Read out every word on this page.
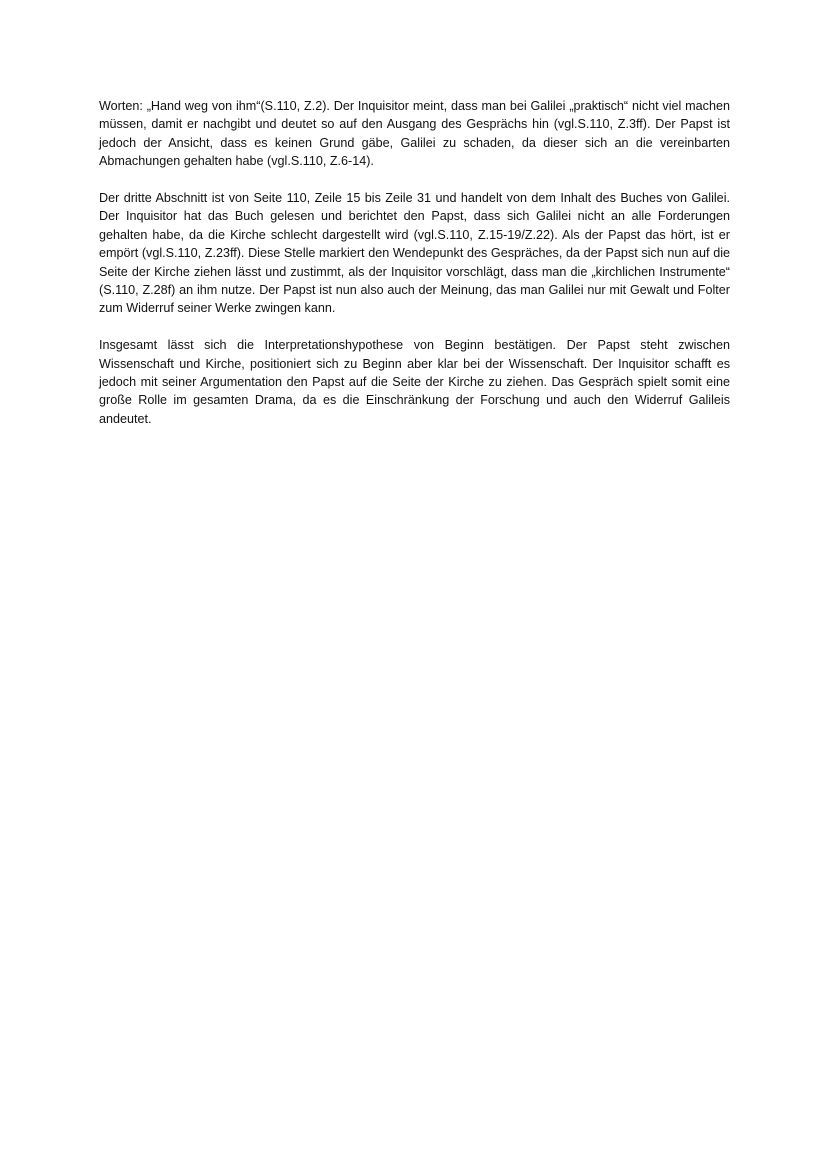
Worten: „Hand weg von ihm“(S.110, Z.2). Der Inquisitor meint, dass man bei Galilei „praktisch“ nicht viel machen müssen, damit er nachgibt und deutet so auf den Ausgang des Gesprächs hin (vgl.S.110, Z.3ff). Der Papst ist jedoch der Ansicht, dass es keinen Grund gäbe, Galilei zu schaden, da dieser sich an die vereinbarten Abmachungen gehalten habe (vgl.S.110, Z.6-14).

Der dritte Abschnitt ist von Seite 110, Zeile 15 bis Zeile 31 und handelt von dem Inhalt des Buches von Galilei. Der Inquisitor hat das Buch gelesen und berichtet den Papst, dass sich Galilei nicht an alle Forderungen gehalten habe, da die Kirche schlecht dargestellt wird (vgl.S.110, Z.15-19/Z.22). Als der Papst das hört, ist er empört (vgl.S.110, Z.23ff). Diese Stelle markiert den Wendepunkt des Gespräches, da der Papst sich nun auf die Seite der Kirche ziehen lässt und zustimmt, als der Inquisitor vorschlägt, dass man die „kirchlichen Instrumente“ (S.110, Z.28f) an ihm nutze. Der Papst ist nun also auch der Meinung, das man Galilei nur mit Gewalt und Folter zum Widerruf seiner Werke zwingen kann.

Insgesamt lässt sich die Interpretationshypothese von Beginn bestätigen. Der Papst steht zwischen Wissenschaft und Kirche, positioniert sich zu Beginn aber klar bei der Wissenschaft. Der Inquisitor schafft es jedoch mit seiner Argumentation den Papst auf die Seite der Kirche zu ziehen. Das Gespräch spielt somit eine große Rolle im gesamten Drama, da es die Einschränkung der Forschung und auch den Widerruf Galileis andeutet.
